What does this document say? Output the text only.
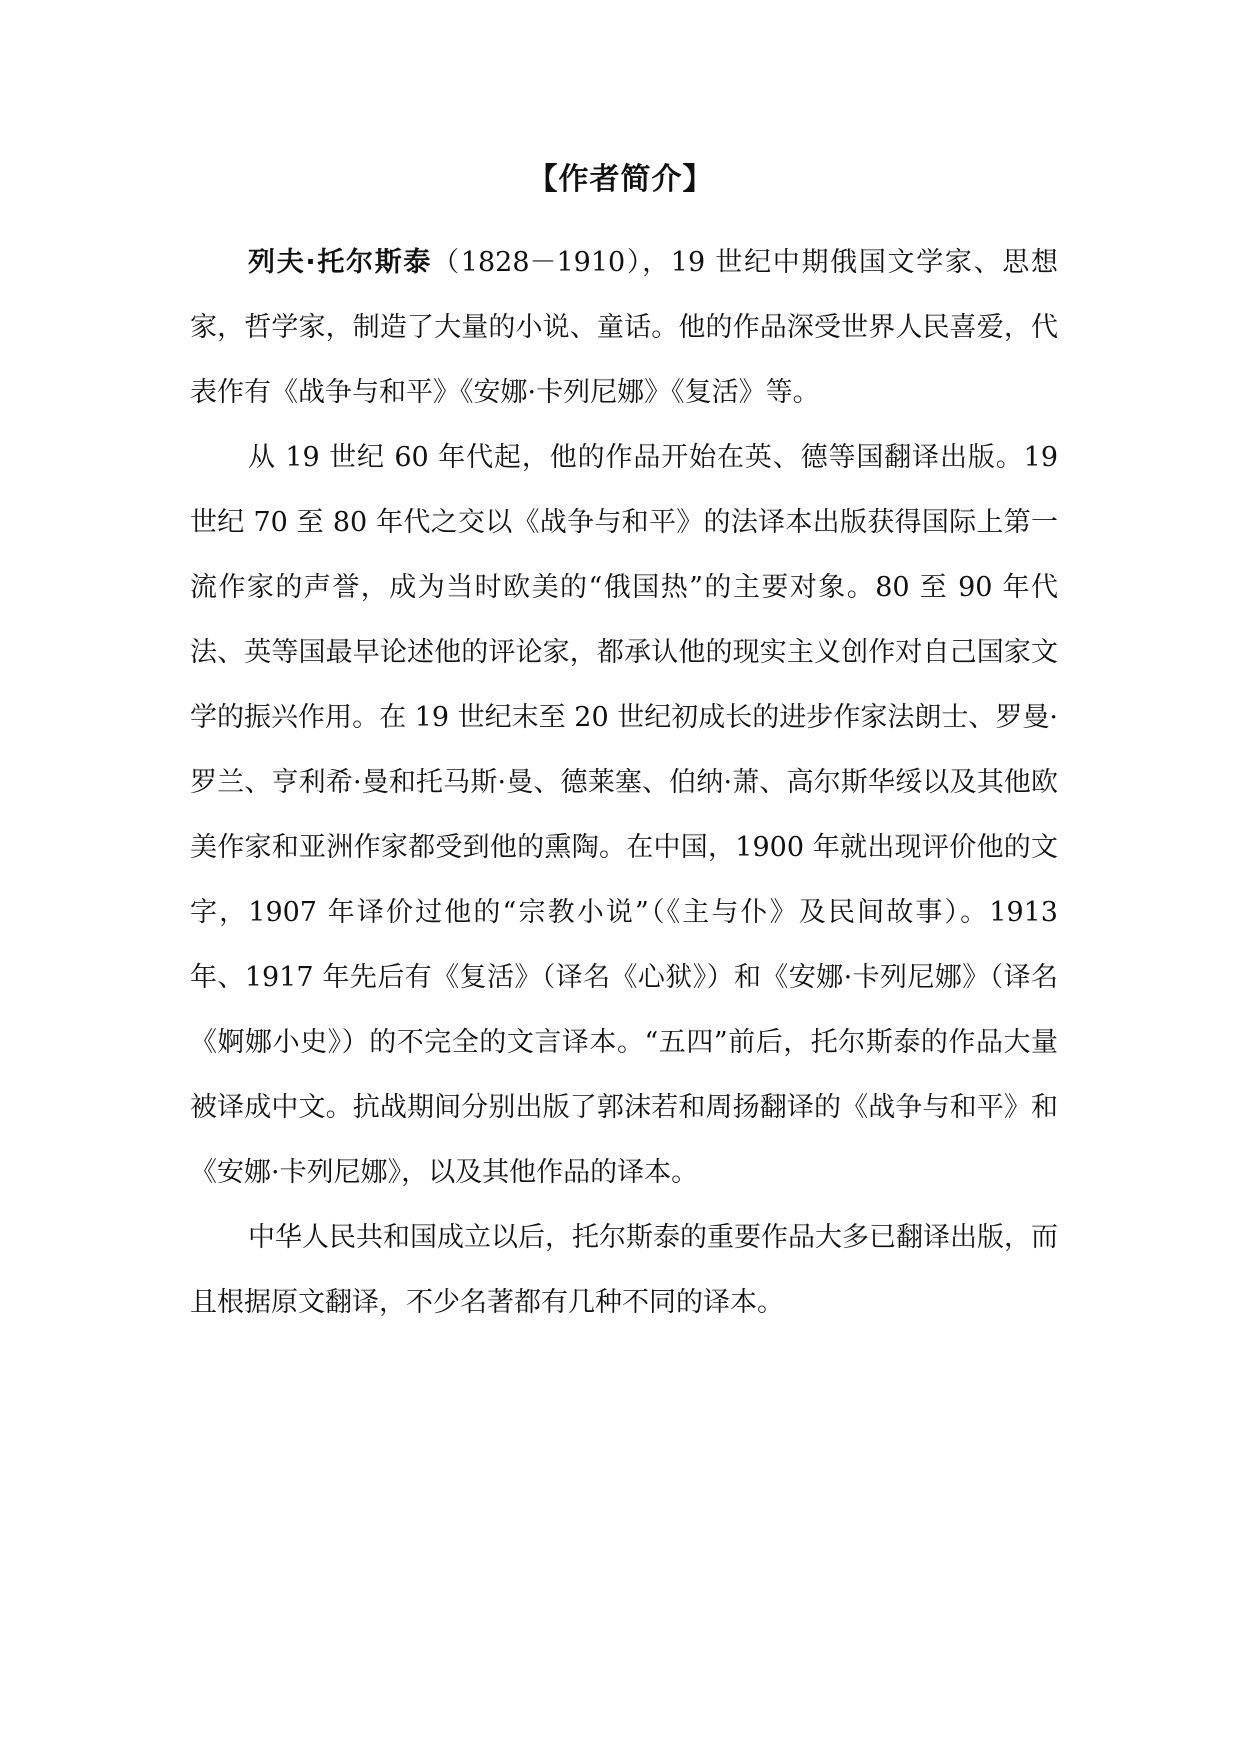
【作者简介】

列夫·托尔斯泰（1828－1910），19 世纪中期俄国文学家、思想家，哲学家，制造了大量的小说、童话。他的作品深受世界人民喜爱，代表作有《战争与和平》《安娜·卡列尼娜》《复活》等。

从 19 世纪 60 年代起，他的作品开始在英、德等国翻译出版。19 世纪 70 至 80 年代之交以《战争与和平》的法译本出版获得国际上第一流作家的声誉，成为当时欧美的“俄国热”的主要对象。80 至 90 年代法、英等国最早论述他的评论家，都承认他的现实主义创作对自己国家文学的振兴作用。在 19 世纪末至 20 世纪初成长的进步作家法朗士、罗曼·罗兰、亨利希·曼和托马斯·曼、德莱塞、伯纳·萧、高尔斯华绥以及其他欧美作家和亚洲作家都受到他的熏陶。在中国，1900 年就出现评价他的文字，1907 年译价过他的“宗教小说”（《主与仆》及民间故事）。1913 年、1917 年先后有《复活》（译名《心狱》）和《安娜·卡列尼娜》（译名《婀娜小史》）的不完全的文言译本。“五四”前后，托尔斯泰的作品大量被译成中文。抗战期间分别出版了郭沫若和周扬翻译的《战争与和平》和《安娜·卡列尼娜》，以及其他作品的译本。

中华人民共和国成立以后，托尔斯泰的重要作品大多已翻译出版，而且根据原文翻译，不少名著都有几种不同的译本。
